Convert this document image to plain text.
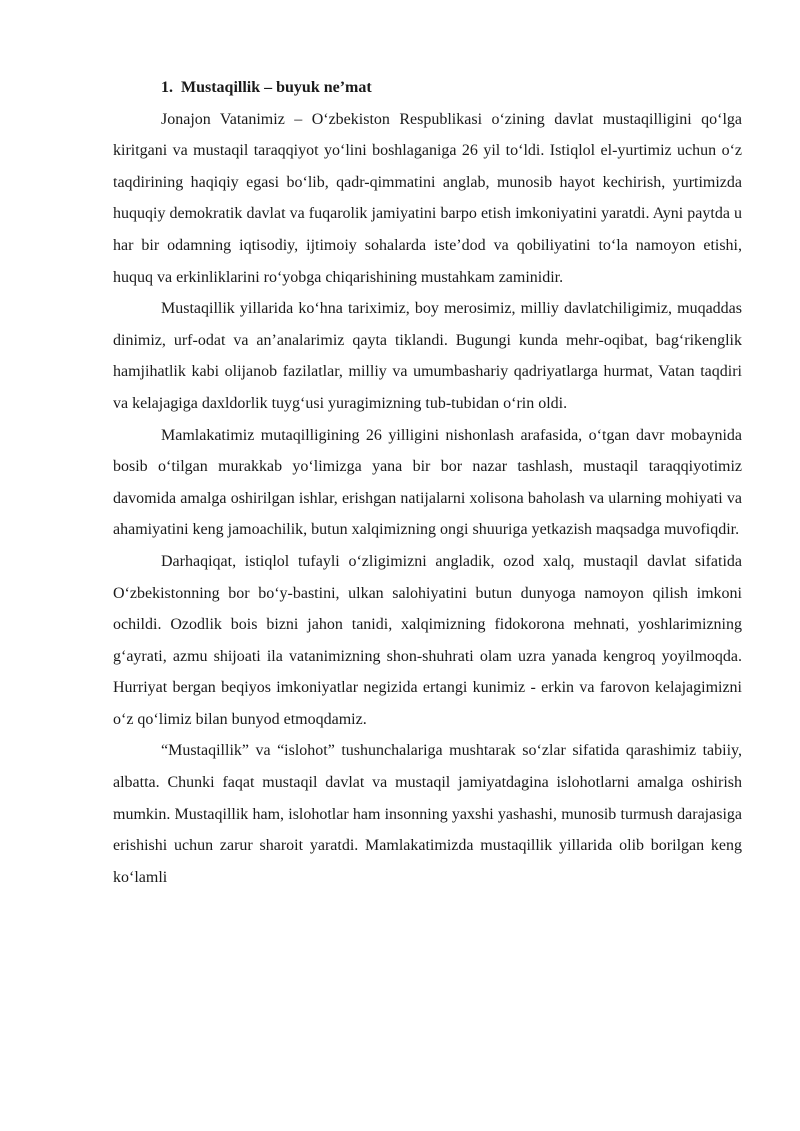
1. Mustaqillik – buyuk ne’mat

Jonajon Vatanimiz – O‘zbekiston Respublikasi o‘zining davlat mustaqilligini qo‘lga kiritgani va mustaqil taraqqiyot yo‘lini boshlaganiga 26 yil to‘ldi. Istiqlol el-yurtimiz uchun o‘z taqdirining haqiqiy egasi bo‘lib, qadr-qimmatini anglab, munosib hayot kechirish, yurtimizda huquqiy demokratik davlat va fuqarolik jamiyatini barpo etish imkoniyatini yaratdi. Ayni paytda u har bir odamning iqtisodiy, ijtimoiy sohalarda iste’dod va qobiliyatini to‘la namoyon etishi, huquq va erkinliklarini ro‘yobga chiqarishining mustahkam zaminidir.

Mustaqillik yillarida ko‘hna tariximiz, boy merosimiz, milliy davlatchiligimiz, muqaddas dinimiz, urf-odat va an’analarimiz qayta tiklandi. Bugungi kunda mehr-oqibat, bag‘rikenglik hamjihatlik kabi olijanob fazilatlar, milliy va umumbashariy qadriyatlarga hurmat, Vatan taqdiri va kelajagiga daxldorlik tuyg‘usi yuragimizning tub-tubidan o‘rin oldi.

Mamlakatimiz mutaqilligining 26 yilligini nishonlash arafasida, o‘tgan davr mobaynida bosib o‘tilgan murakkab yo‘limizga yana bir bor nazar tashlash, mustaqil taraqqiyotimiz davomida amalga oshirilgan ishlar, erishgan natijalarni xolisona baholash va ularning mohiyati va ahamiyatini keng jamoachilik, butun xalqimizning ongi shuuriga yetkazish maqsadga muvofiqdir.

Darhaqiqat, istiqlol tufayli o‘zligimizni angladik, ozod xalq, mustaqil davlat sifatida O‘zbekistonning bor bo‘y-bastini, ulkan salohiyatini butun dunyoga namoyon qilish imkoni ochildi. Ozodlik bois bizni jahon tanidi, xalqimizning fidokorona mehnati, yoshlarimizning g‘ayrati, azmu shijoati ila vatanimizning shon-shuhrati olam uzra yanada kengroq yoyilmoqda. Hurriyat bergan beqiyos imkoniyatlar negizida ertangi kunimiz - erkin va farovon kelajagimizni o‘z qo‘limiz bilan bunyod etmoqdamiz.

“Mustaqillik” va “islohot” tushunchalariga mushtarak so‘zlar sifatida qarashimiz tabiiy, albatta. Chunki faqat mustaqil davlat va mustaqil jamiyatdagina islohotlarni amalga oshirish mumkin. Mustaqillik ham, islohotlar ham insonning yaxshi yashashi, munosib turmush darajasiga erishishi uchun zarur sharoit yaratdi. Mamlakatimizda mustaqillik yillarida olib borilgan keng ko‘lamli
